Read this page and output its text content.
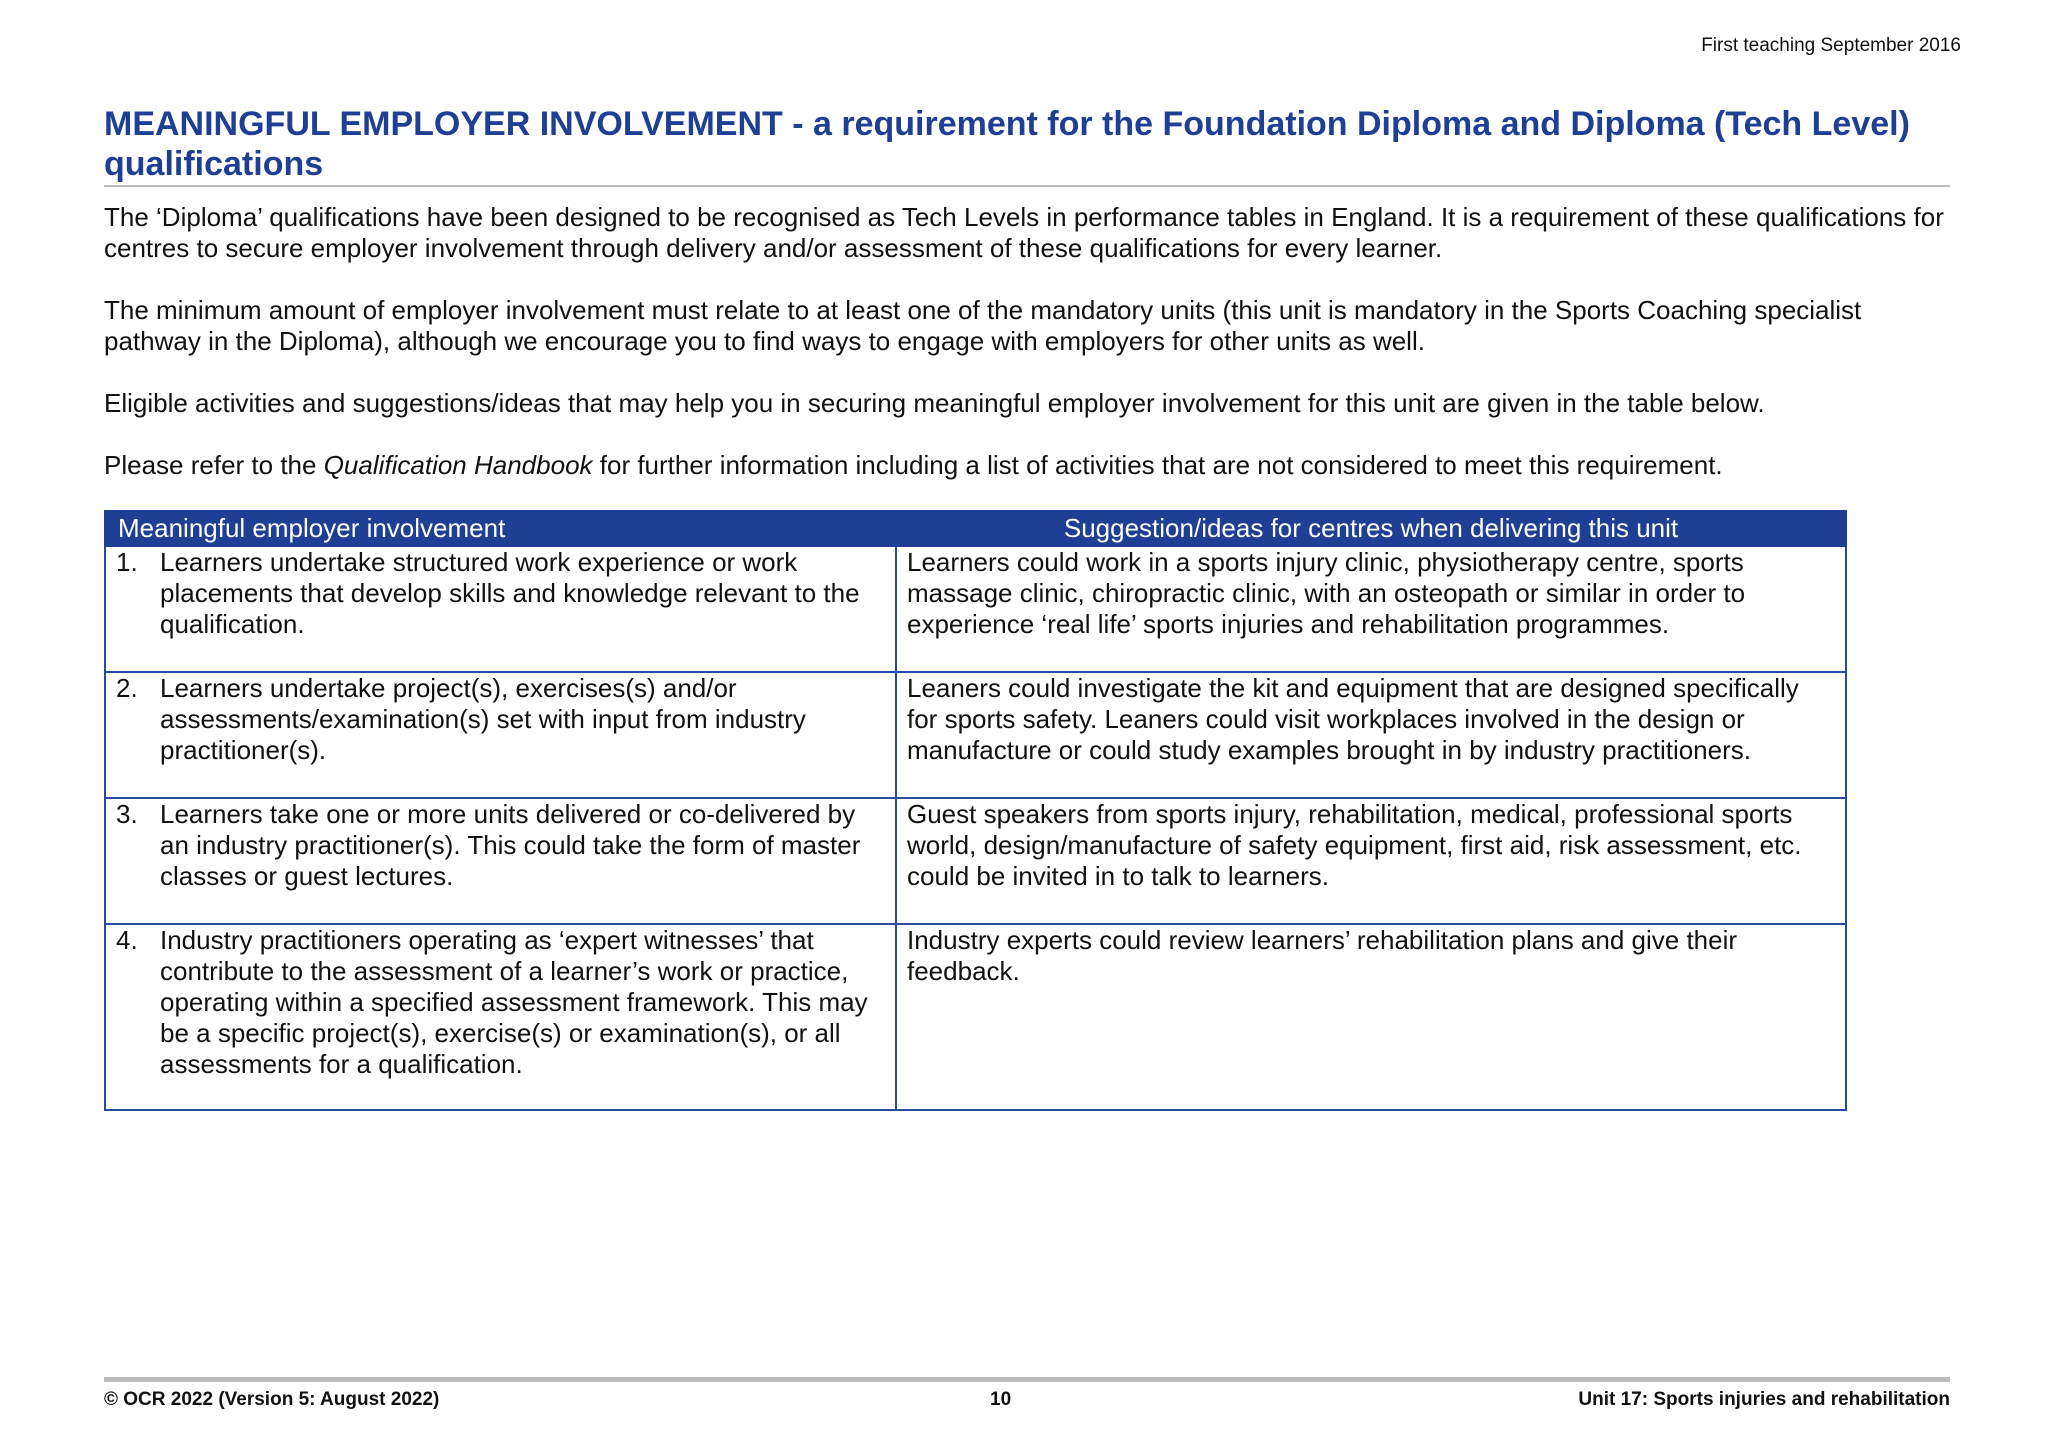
First teaching September 2016
MEANINGFUL EMPLOYER INVOLVEMENT - a requirement for the Foundation Diploma and Diploma (Tech Level) qualifications

The ‘Diploma’ qualifications have been designed to be recognised as Tech Levels in performance tables in England. It is a requirement of these qualifications for centres to secure employer involvement through delivery and/or assessment of these qualifications for every learner.

The minimum amount of employer involvement must relate to at least one of the mandatory units (this unit is mandatory in the Sports Coaching specialist pathway in the Diploma), although we encourage you to find ways to engage with employers for other units as well.

Eligible activities and suggestions/ideas that may help you in securing meaningful employer involvement for this unit are given in the table below.

Please refer to the Qualification Handbook for further information including a list of activities that are not considered to meet this requirement.

Meaningful employer involvement	Suggestion/ideas for centres when delivering this unit
1. Learners undertake structured work experience or work placements that develop skills and knowledge relevant to the qualification.	Learners could work in a sports injury clinic, physiotherapy centre, sports massage clinic, chiropractic clinic, with an osteopath or similar in order to experience ‘real life’ sports injuries and rehabilitation programmes.
2. Learners undertake project(s), exercises(s) and/or assessments/examination(s) set with input from industry practitioner(s).	Leaners could investigate the kit and equipment that are designed specifically for sports safety. Leaners could visit workplaces involved in the design or manufacture or could study examples brought in by industry practitioners.
3. Learners take one or more units delivered or co-delivered by an industry practitioner(s). This could take the form of master classes or guest lectures.	Guest speakers from sports injury, rehabilitation, medical, professional sports world, design/manufacture of safety equipment, first aid, risk assessment, etc. could be invited in to talk to learners.
4. Industry practitioners operating as ‘expert witnesses’ that contribute to the assessment of a learner’s work or practice, operating within a specified assessment framework. This may be a specific project(s), exercise(s) or examination(s), or all assessments for a qualification.	Industry experts could review learners’ rehabilitation plans and give their feedback.
© OCR 2022 (Version 5: August 2022)	10	Unit 17: Sports injuries and rehabilitation
